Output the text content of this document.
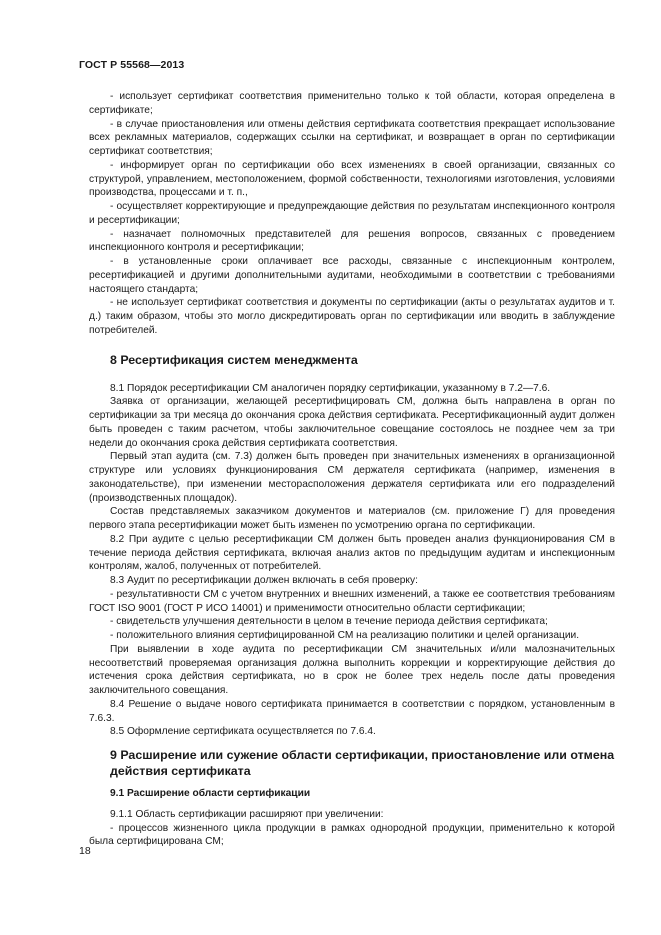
ГОСТ Р 55568—2013

- использует сертификат соответствия применительно только к той области, которая определена в сертификате;

- в случае приостановления или отмены действия сертификата соответствия прекращает использование всех рекламных материалов, содержащих ссылки на сертификат, и возвращает в орган по сертификации сертификат соответствия;

- информирует орган по сертификации обо всех изменениях в своей организации, связанных со структурой, управлением, местоположением, формой собственности, технологиями изготовления, условиями производства, процессами и т. п.,

- осуществляет корректирующие и предупреждающие действия по результатам инспекционного контроля и ресертификации;

- назначает полномочных представителей для решения вопросов, связанных с проведением инспекционного контроля и ресертификации;

- в установленные сроки оплачивает все расходы, связанные с инспекционным контролем, ресертификацией и другими дополнительными аудитами, необходимыми в соответствии с требованиями настоящего стандарта;

- не использует сертификат соответствия и документы по сертификации (акты о результатах аудитов и т. д.) таким образом, чтобы это могло дискредитировать орган по сертификации или вводить в заблуждение потребителей.

8 Ресертификация систем менеджмента

8.1 Порядок ресертификации СМ аналогичен порядку сертификации, указанному в 7.2—7.6.

Заявка от организации, желающей ресертифицировать СМ, должна быть направлена в орган по сертификации за три месяца до окончания срока действия сертификата. Ресертификационный аудит должен быть проведен с таким расчетом, чтобы заключительное совещание состоялось не позднее чем за три недели до окончания срока действия сертификата соответствия.

Первый этап аудита (см. 7.3) должен быть проведен при значительных изменениях в организационной структуре или условиях функционирования СМ держателя сертификата (например, изменения в законодательстве), при изменении месторасположения держателя сертификата или его подразделений (производственных площадок).

Состав представляемых заказчиком документов и материалов (см. приложение Г) для проведения первого этапа ресертификации может быть изменен по усмотрению органа по сертификации.

8.2 При аудите с целью ресертификации СМ должен быть проведен анализ функционирования СМ в течение периода действия сертификата, включая анализ актов по предыдущим аудитам и инспекционным контролям, жалоб, полученных от потребителей.

8.3 Аудит по ресертификации должен включать в себя проверку:

- результативности СМ с учетом внутренних и внешних изменений, а также ее соответствия требованиям ГОСТ ISO 9001 (ГОСТ Р ИСО 14001) и применимости относительно области сертификации;

- свидетельств улучшения деятельности в целом в течение периода действия сертификата;

- положительного влияния сертифицированной СМ на реализацию политики и целей организации.

При выявлении в ходе аудита по ресертификации СМ значительных и/или малозначительных несоответствий проверяемая организация должна выполнить коррекции и корректирующие действия до истечения срока действия сертификата, но в срок не более трех недель после даты проведения заключительного совещания.

8.4 Решение о выдаче нового сертификата принимается в соответствии с порядком, установленным в 7.6.3.

8.5 Оформление сертификата осуществляется по 7.6.4.

9 Расширение или сужение области сертификации, приостановление или отмена действия сертификата
9.1 Расширение области сертификации

9.1.1 Область сертификации расширяют при увеличении:

- процессов жизненного цикла продукции в рамках однородной продукции, применительно к которой была сертифицирована СМ;

18
